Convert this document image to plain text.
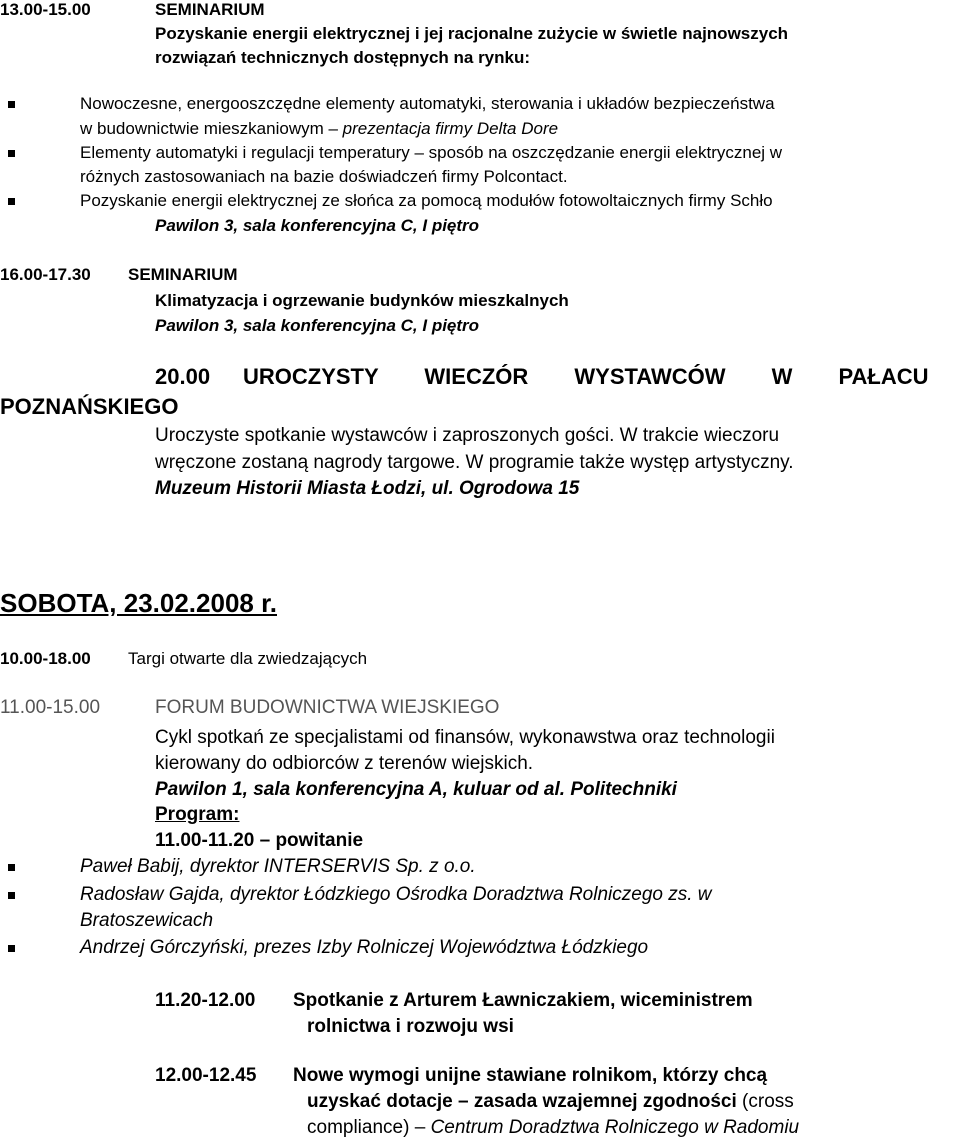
13.00-15.00	SEMINARIUM
Pozyskanie energii elektrycznej i jej racjonalne zużycie w świetle najnowszych
rozwiązań technicznych dostępnych na rynku:
Nowoczesne, energooszczędne elementy automatyki, sterowania i układów bezpieczeństwa
w budownictwie mieszkaniowym – prezentacja firmy Delta Dore
Elementy automatyki i regulacji temperatury – sposób na oszczędzanie energii elektrycznej w
różnych zastosowaniach na bazie doświadczeń firmy Polcontact.
Pozyskanie energii elektrycznej ze słońca za pomocą modułów fotowoltaicznych firmy Schło
Pawilon 3, sala konferencyjna C, I piętro
16.00-17.30 SEMINARIUM
Klimatyzacja i ogrzewanie budynków mieszkalnych
Pawilon 3, sala konferencyjna C, I piętro
20.00 UROCZYSTY WIECZÓR WYSTAWCÓW W PAŁACU
POZNAŃSKIEGO
Uroczyste spotkanie wystawców i zaproszonych gości. W trakcie wieczoru
wręczone zostaną nagrody targowe. W programie także występ artystyczny.
Muzeum Historii Miasta Łodzi, ul. Ogrodowa 15
SOBOTA, 23.02.2008 r.
10.00-18.00 Targi otwarte dla zwiedzających
11.00-15.00	FORUM BUDOWNICTWA WIEJSKIEGO
Cykl spotkań ze specjalistami od finansów, wykonawstwa oraz technologii
kierowany do odbiorców z terenów wiejskich.
Pawilon 1, sala konferencyjna A, kuluar od al. Politechniki
Program:
11.00-11.20 – powitanie
Paweł Babij, dyrektor INTERSERVIS Sp. z o.o.
Radosław Gajda, dyrektor Łódzkiego Ośrodka Doradztwa Rolniczego zs. w
Bratoszewicach
Andrzej Górczyński, prezes Izby Rolniczej Województwa Łódzkiego
11.20-12.00 Spotkanie z Arturem Ławniczakiem, wiceministrem
rolnictwa i rozwoju wsi
12.00-12.45 Nowe wymogi unijne stawiane rolnikom, którzy chcą
uzyskać dotacje – zasada wzajemnej zgodności (cross
compliance) – Centrum Doradztwa Rolniczego w Radomiu
